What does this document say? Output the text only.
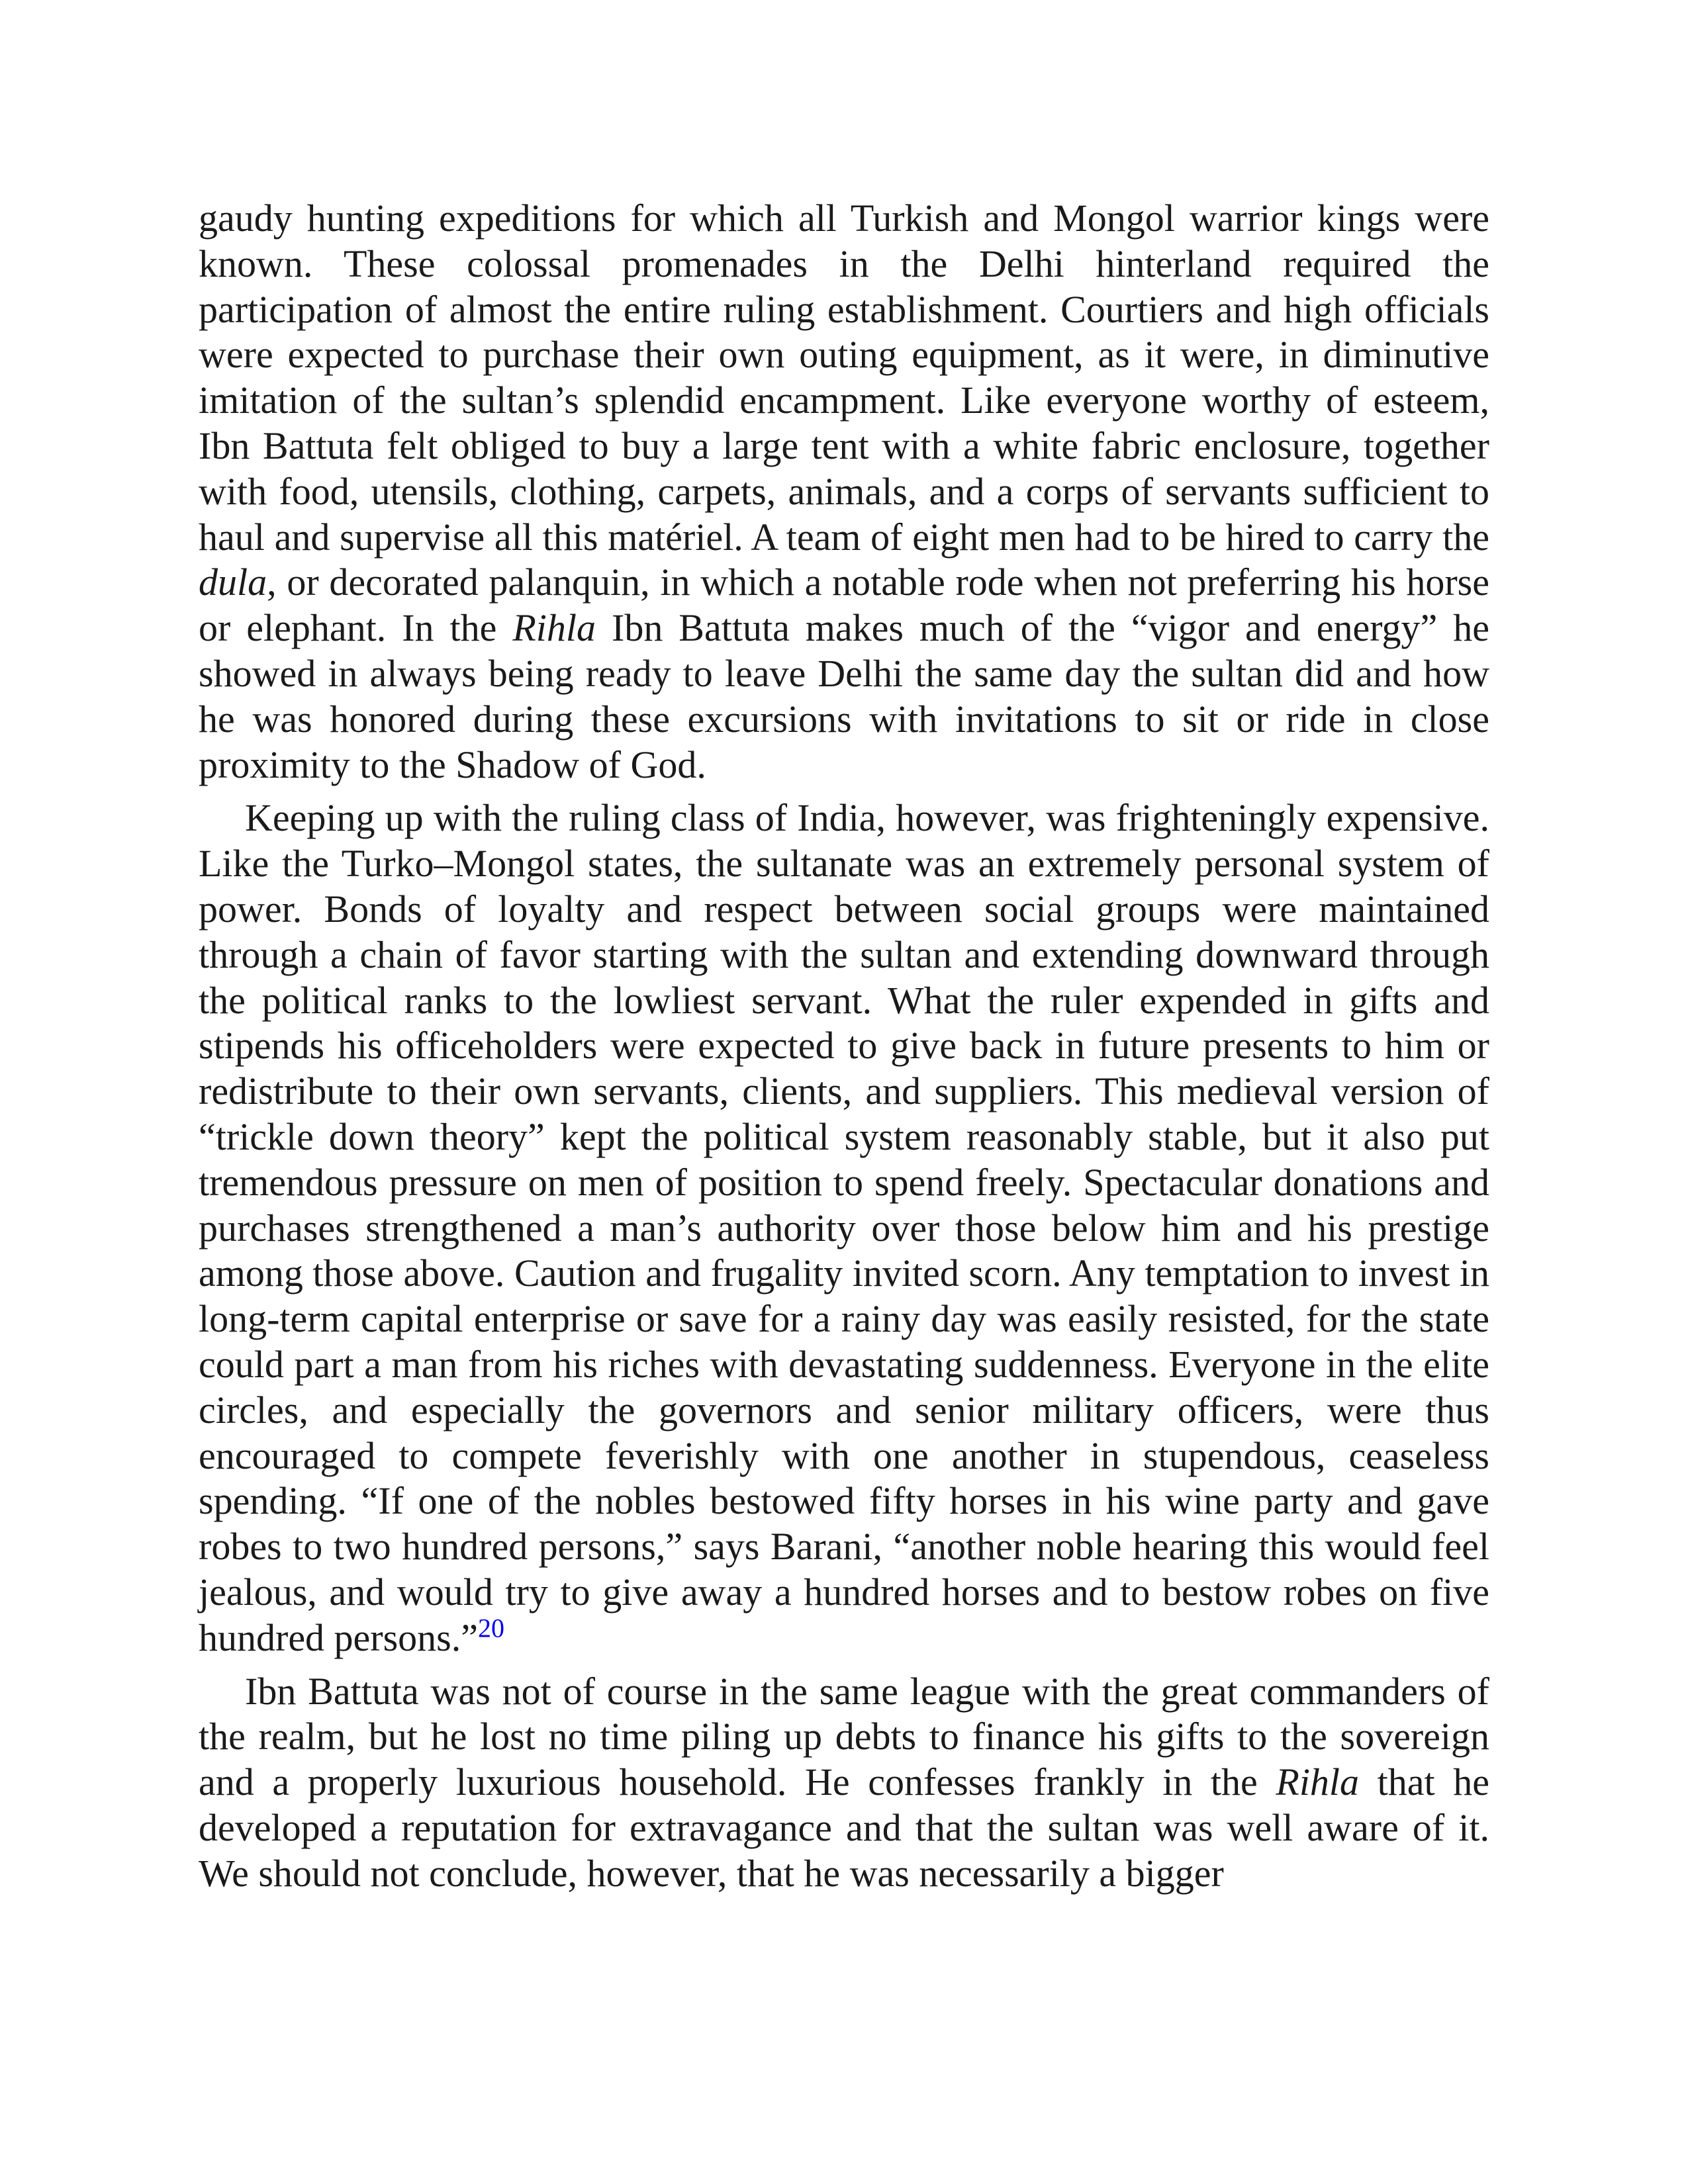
gaudy hunting expeditions for which all Turkish and Mongol warrior kings were known. These colossal promenades in the Delhi hinterland required the participation of almost the entire ruling establishment. Courtiers and high officials were expected to purchase their own outing equipment, as it were, in diminutive imitation of the sultan’s splendid encampment. Like everyone worthy of esteem, Ibn Battuta felt obliged to buy a large tent with a white fabric enclosure, together with food, utensils, clothing, carpets, animals, and a corps of servants sufficient to haul and supervise all this matériel. A team of eight men had to be hired to carry the dula, or decorated palanquin, in which a notable rode when not preferring his horse or elephant. In the Rihla Ibn Battuta makes much of the “vigor and energy” he showed in always being ready to leave Delhi the same day the sultan did and how he was honored during these excursions with invitations to sit or ride in close proximity to the Shadow of God.

Keeping up with the ruling class of India, however, was frighteningly expensive. Like the Turko–Mongol states, the sultanate was an extremely personal system of power. Bonds of loyalty and respect between social groups were maintained through a chain of favor starting with the sultan and extending downward through the political ranks to the lowliest servant. What the ruler expended in gifts and stipends his officeholders were expected to give back in future presents to him or redistribute to their own servants, clients, and suppliers. This medieval version of “trickle down theory” kept the political system reasonably stable, but it also put tremendous pressure on men of position to spend freely. Spectacular donations and purchases strengthened a man’s authority over those below him and his prestige among those above. Caution and frugality invited scorn. Any temptation to invest in long-term capital enterprise or save for a rainy day was easily resisted, for the state could part a man from his riches with devastating suddenness. Everyone in the elite circles, and especially the governors and senior military officers, were thus encouraged to compete feverishly with one another in stupendous, ceaseless spending. “If one of the nobles bestowed fifty horses in his wine party and gave robes to two hundred persons,” says Barani, “another noble hearing this would feel jealous, and would try to give away a hundred horses and to bestow robes on five hundred persons.”$^{20}$

Ibn Battuta was not of course in the same league with the great commanders of the realm, but he lost no time piling up debts to finance his gifts to the sovereign and a properly luxurious household. He confesses frankly in the Rihla that he developed a reputation for extravagance and that the sultan was well aware of it. We should not conclude, however, that he was necessarily a bigger
